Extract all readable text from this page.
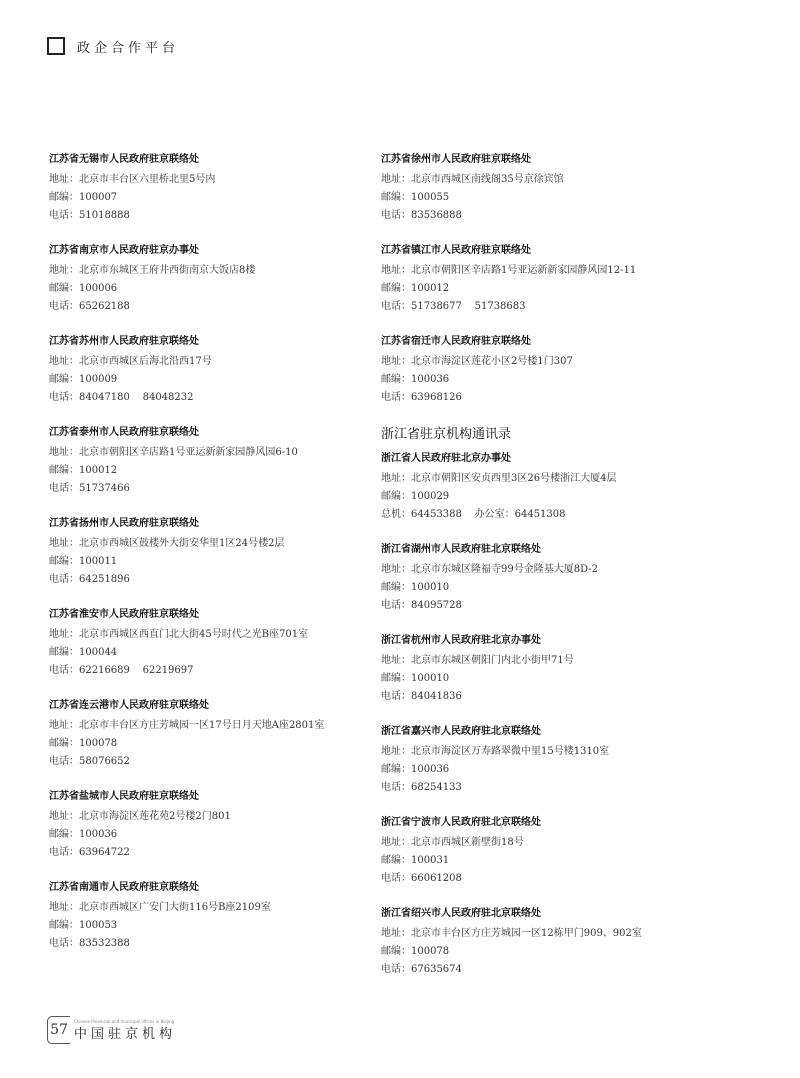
政企合作平台
江苏省无锡市人民政府驻京联络处
地址：北京市丰台区六里桥北里5号内
邮编：100007
电话：51018888
江苏省南京市人民政府驻京办事处
地址：北京市东城区王府井西街南京大饭店8楼
邮编：100006
电话：65262188
江苏省苏州市人民政府驻京联络处
地址：北京市西城区后海北沿西17号
邮编：100009
电话：84047180    84048232
江苏省泰州市人民政府驻京联络处
地址：北京市朝阳区辛店路1号亚运新新家园静风园6-10
邮编：100012
电话：51737466
江苏省扬州市人民政府驻京联络处
地址：北京市西城区鼓楼外大街安华里1区24号楼2层
邮编：100011
电话：64251896
江苏省淮安市人民政府驻京联络处
地址：北京市西城区西直门北大街45号时代之光B座701室
邮编：100044
电话：62216689    62219697
江苏省连云港市人民政府驻京联络处
地址：北京市丰台区方庄芳城园一区17号日月天地A座2801室
邮编：100078
电话：58076652
江苏省盐城市人民政府驻京联络处
地址：北京市海淀区莲花苑2号楼2门801
邮编：100036
电话：63964722
江苏省南通市人民政府驻京联络处
地址：北京市西城区广安门大街116号B座2109室
邮编：100053
电话：83532388
江苏省徐州市人民政府驻京联络处
地址：北京市西城区南线阁35号京徐宾馆
邮编：100055
电话：83536888
江苏省镇江市人民政府驻京联络处
地址：北京市朝阳区辛店路1号亚运新新家园静风园12-11
邮编：100012
电话：51738677    51738683
江苏省宿迁市人民政府驻京联络处
地址：北京市海淀区莲花小区2号楼1门307
邮编：100036
电话：63968126
浙江省驻京机构通讯录
浙江省人民政府驻北京办事处
地址：北京市朝阳区安贞西里3区26号楼浙江大厦4层
邮编：100029
总机：64453388    办公室：64451308
浙江省湖州市人民政府驻北京联络处
地址：北京市东城区隆福寺99号金隆基大厦8D-2
邮编：100010
电话：84095728
浙江省杭州市人民政府驻北京办事处
地址：北京市东城区朝阳门内北小街甲71号
邮编：100010
电话：84041836
浙江省嘉兴市人民政府驻北京联络处
地址：北京市海淀区万寿路翠微中里15号楼1310室
邮编：100036
电话：68254133
浙江省宁波市人民政府驻北京联络处
地址：北京市西城区新壁街18号
邮编：100031
电话：66061208
浙江省绍兴市人民政府驻北京联络处
地址：北京市丰台区方庄芳城园一区12栋甲门909、902室
邮编：100078
电话：67635674
57
Chinese Provincial and municipal offices in Beijing
中国驻京机构
